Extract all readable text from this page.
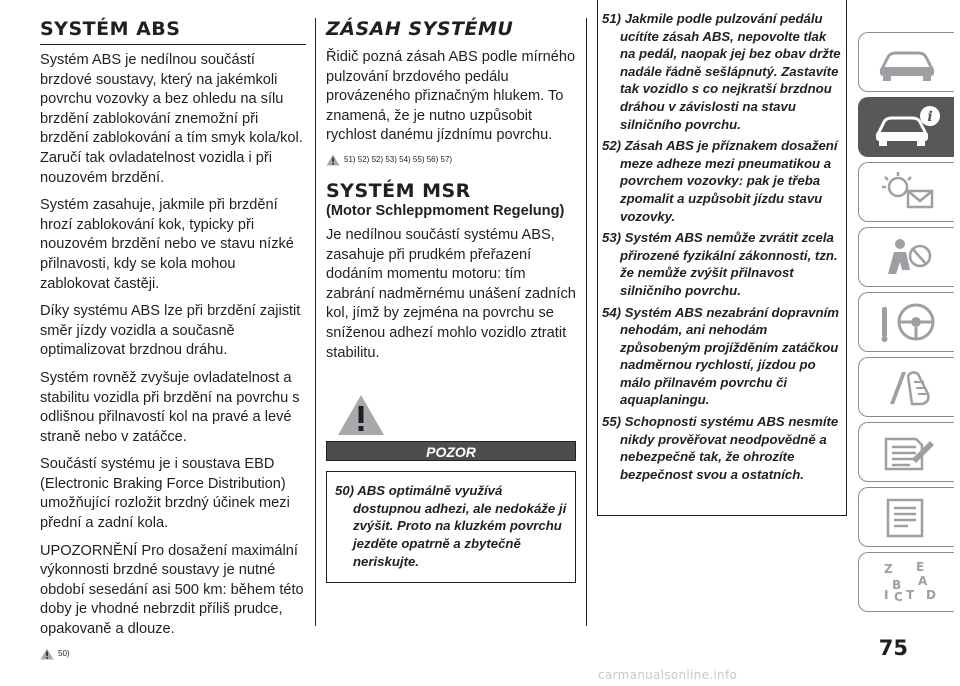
SYSTÉM ABS

Systém ABS je nedílnou součástí brzdové soustavy, který na jakémkoli povrchu vozovky a bez ohledu na sílu brzdění zablokování znemožní při brzdění zablokování a tím smyk kola/kol. Zaručí tak ovladatelnost vozidla i při nouzovém brzdění.

Systém zasahuje, jakmile při brzdění hrozí zablokování kok, typicky při nouzovém brzdění nebo ve stavu nízké přilnavosti, kdy se kola mohou zablokovat častěji.

Díky systému ABS lze při brzdění zajistit směr jízdy vozidla a současně optimalizovat brzdnou dráhu.

Systém rovněž zvyšuje ovladatelnost a stabilitu vozidla při brzdění na povrchu s odlišnou přilnavostí kol na pravé a levé straně nebo v zatáčce.

Součástí systému je i soustava EBD (Electronic Braking Force Distribution) umožňující rozložit brzdný účinek mezi přední a zadní kola.

UPOZORNĚNÍ Pro dosažení maximální výkonnosti brzdné soustavy je nutné období sesedání asi 500 km: během této doby je vhodné nebrzdit příliš prudce, opakovaně a dlouze.

50)
ZÁSAH SYSTÉMU

Řidič pozná zásah ABS podle mírného pulzování brzdového pedálu provázeného přiznačným hlukem. To znamená, že je nutno uzpůsobit rychlost danému jízdnímu povrchu.

51) 52) 52) 53) 54) 55) 56) 57)
SYSTÉM MSR
(Motor Schleppmoment Regelung)

Je nedílnou součástí systému ABS, zasahuje při prudkém přeřazení dodáním momentu motoru: tím zabrání nadměrnému unášení zadních kol, jímž by zejména na povrchu se sníženou adhezí mohlo vozidlo ztratit stabilitu.

POZOR

50) ABS optimálně využívá dostupnou adhezi, ale nedokáže ji zvýšit. Proto na kluzkém povrchu jezděte opatrně a zbytečně neriskujte.

51) Jakmile podle pulzování pedálu ucítíte zásah ABS, nepovolte tlak na pedál, naopak jej bez obav držte nadále řádně sešlápnutý. Zastavíte tak vozidlo s co nejkratší brzdnou dráhou v závislosti na stavu silničního povrchu.

52) Zásah ABS je příznakem dosažení meze adheze mezi pneumatikou a povrchem vozovky: pak je třeba zpomalit a uzpůsobit jízdu stavu vozovky.

53) Systém ABS nemůže zvrátit zcela přirozené fyzikální zákonnosti, tzn. že nemůže zvýšit přilnavost silničního povrchu.

54) Systém ABS nezabrání dopravním nehodám, ani nehodám způsobeným projížděním zatáčkou nadměrnou rychlostí, jízdou po málo přilnavém povrchu či aquaplaningu.

55) Schopnosti systému ABS nesmíte nikdy prověřovat neodpovědně a nebezpečně tak, že ohrozíte bezpečnost svou a ostatních.

i
Z E
B A
I C T D
75
carmanualsonline.info
